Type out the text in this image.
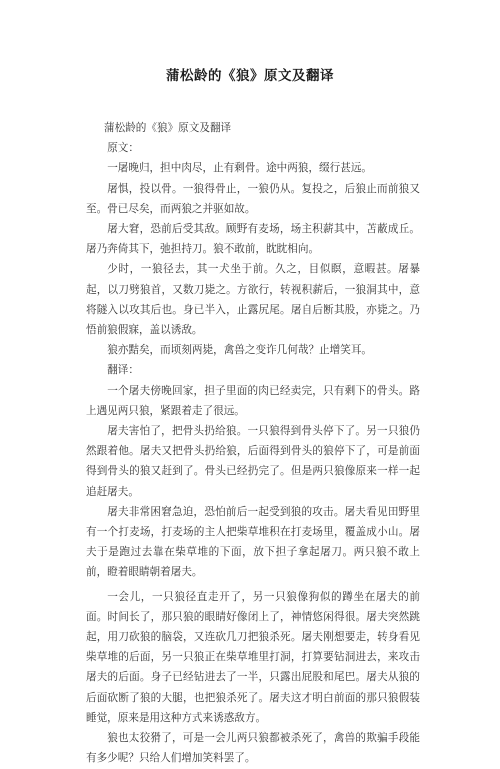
蒲松龄的《狼》原文及翻译

蒲松龄的《狼》原文及翻译

原文：

一屠晚归，担中肉尽，止有剩骨。途中两狼，缀行甚远。

屠惧，投以骨。一狼得骨止，一狼仍从。复投之，后狼止而前狼又至。骨已尽矣，而两狼之并驱如故。

屠大窘，恐前后受其敌。顾野有麦场，场主积薪其中，苫蔽成丘。屠乃奔倚其下，弛担持刀。狼不敢前，眈眈相向。

少时，一狼径去，其一犬坐于前。久之，目似瞑，意暇甚。屠暴起，以刀劈狼首，又数刀毙之。方欲行，转视积薪后，一狼洞其中，意将隧入以攻其后也。身已半入，止露尻尾。屠自后断其股，亦毙之。乃悟前狼假寐，盖以诱敌。

狼亦黠矣，而顷刻两毙，禽兽之变诈几何哉？止增笑耳。

翻译：

一个屠夫傍晚回家，担子里面的肉已经卖完，只有剩下的骨头。路上遇见两只狼，紧跟着走了很远。

屠夫害怕了，把骨头扔给狼。一只狼得到骨头停下了。另一只狼仍然跟着他。屠夫又把骨头扔给狼，后面得到骨头的狼停下了，可是前面得到骨头的狼又赶到了。骨头已经扔完了。但是两只狼像原来一样一起追赶屠夫。

屠夫非常困窘急迫，恐怕前后一起受到狼的攻击。屠夫看见田野里有一个打麦场，打麦场的主人把柴草堆积在打麦场里，覆盖成小山。屠夫于是跑过去靠在柴草堆的下面，放下担子拿起屠刀。两只狼不敢上前，瞪着眼睛朝着屠夫。

一会儿，一只狼径直走开了，另一只狼像狗似的蹲坐在屠夫的前面。时间长了，那只狼的眼睛好像闭上了，神情悠闲得很。屠夫突然跳起，用刀砍狼的脑袋，又连砍几刀把狼杀死。屠夫刚想要走，转身看见柴草堆的后面，另一只狼正在柴草堆里打洞，打算要钻洞进去，来攻击屠夫的后面。身子已经钻进去了一半，只露出屁股和尾巴。屠夫从狼的后面砍断了狼的大腿，也把狼杀死了。屠夫这才明白前面的那只狼假装睡觉，原来是用这种方式来诱惑敌方。

狼也太狡猾了，可是一会儿两只狼都被杀死了，禽兽的欺骗手段能有多少呢？只给人们增加笑料罢了。
